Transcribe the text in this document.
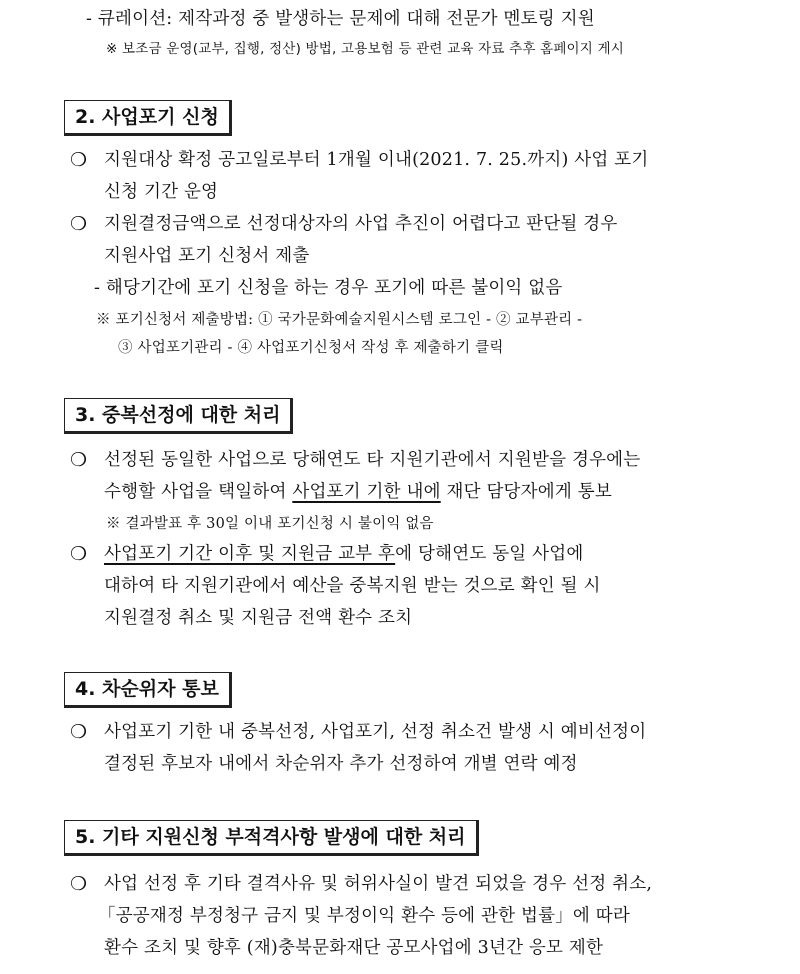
- 큐레이션: 제작과정 중 발생하는 문제에 대해 전문가 멘토링 지원
※ 보조금 운영(교부, 집행, 정산) 방법, 고용보험 등 관련 교육 자료 추후 홈페이지 게시
2. 사업포기 신청
❍ 지원대상 확정 공고일로부터 1개월 이내(2021. 7. 25.까지) 사업 포기
신청 기간 운영
❍ 지원결정금액으로 선정대상자의 사업 추진이 어렵다고 판단될 경우
지원사업 포기 신청서 제출
- 해당기간에 포기 신청을 하는 경우 포기에 따른 불이익 없음
※ 포기신청서 제출방법: ① 국가문화예술지원시스템 로그인 - ② 교부관리 -
③ 사업포기관리 - ④ 사업포기신청서 작성 후 제출하기 클릭
3. 중복선정에 대한 처리
❍ 선정된 동일한 사업으로 당해연도 타 지원기관에서 지원받을 경우에는
수행할 사업을 택일하여 사업포기 기한 내에 재단 담당자에게 통보
※ 결과발표 후 30일 이내 포기신청 시 불이익 없음
❍ 사업포기 기간 이후 및 지원금 교부 후에 당해연도 동일 사업에
대하여 타 지원기관에서 예산을 중복지원 받는 것으로 확인 될 시
지원결정 취소 및 지원금 전액 환수 조치
4. 차순위자 통보
❍ 사업포기 기한 내 중복선정, 사업포기, 선정 취소건 발생 시 예비선정이
결정된 후보자 내에서 차순위자 추가 선정하여 개별 연락 예정
5. 기타 지원신청 부적격사항 발생에 대한 처리
❍ 사업 선정 후 기타 결격사유 및 허위사실이 발견 되었을 경우 선정 취소,
「공공재정 부정청구 금지 및 부정이익 환수 등에 관한 법률」에 따라
환수 조치 및 향후 (재)충북문화재단 공모사업에 3년간 응모 제한
